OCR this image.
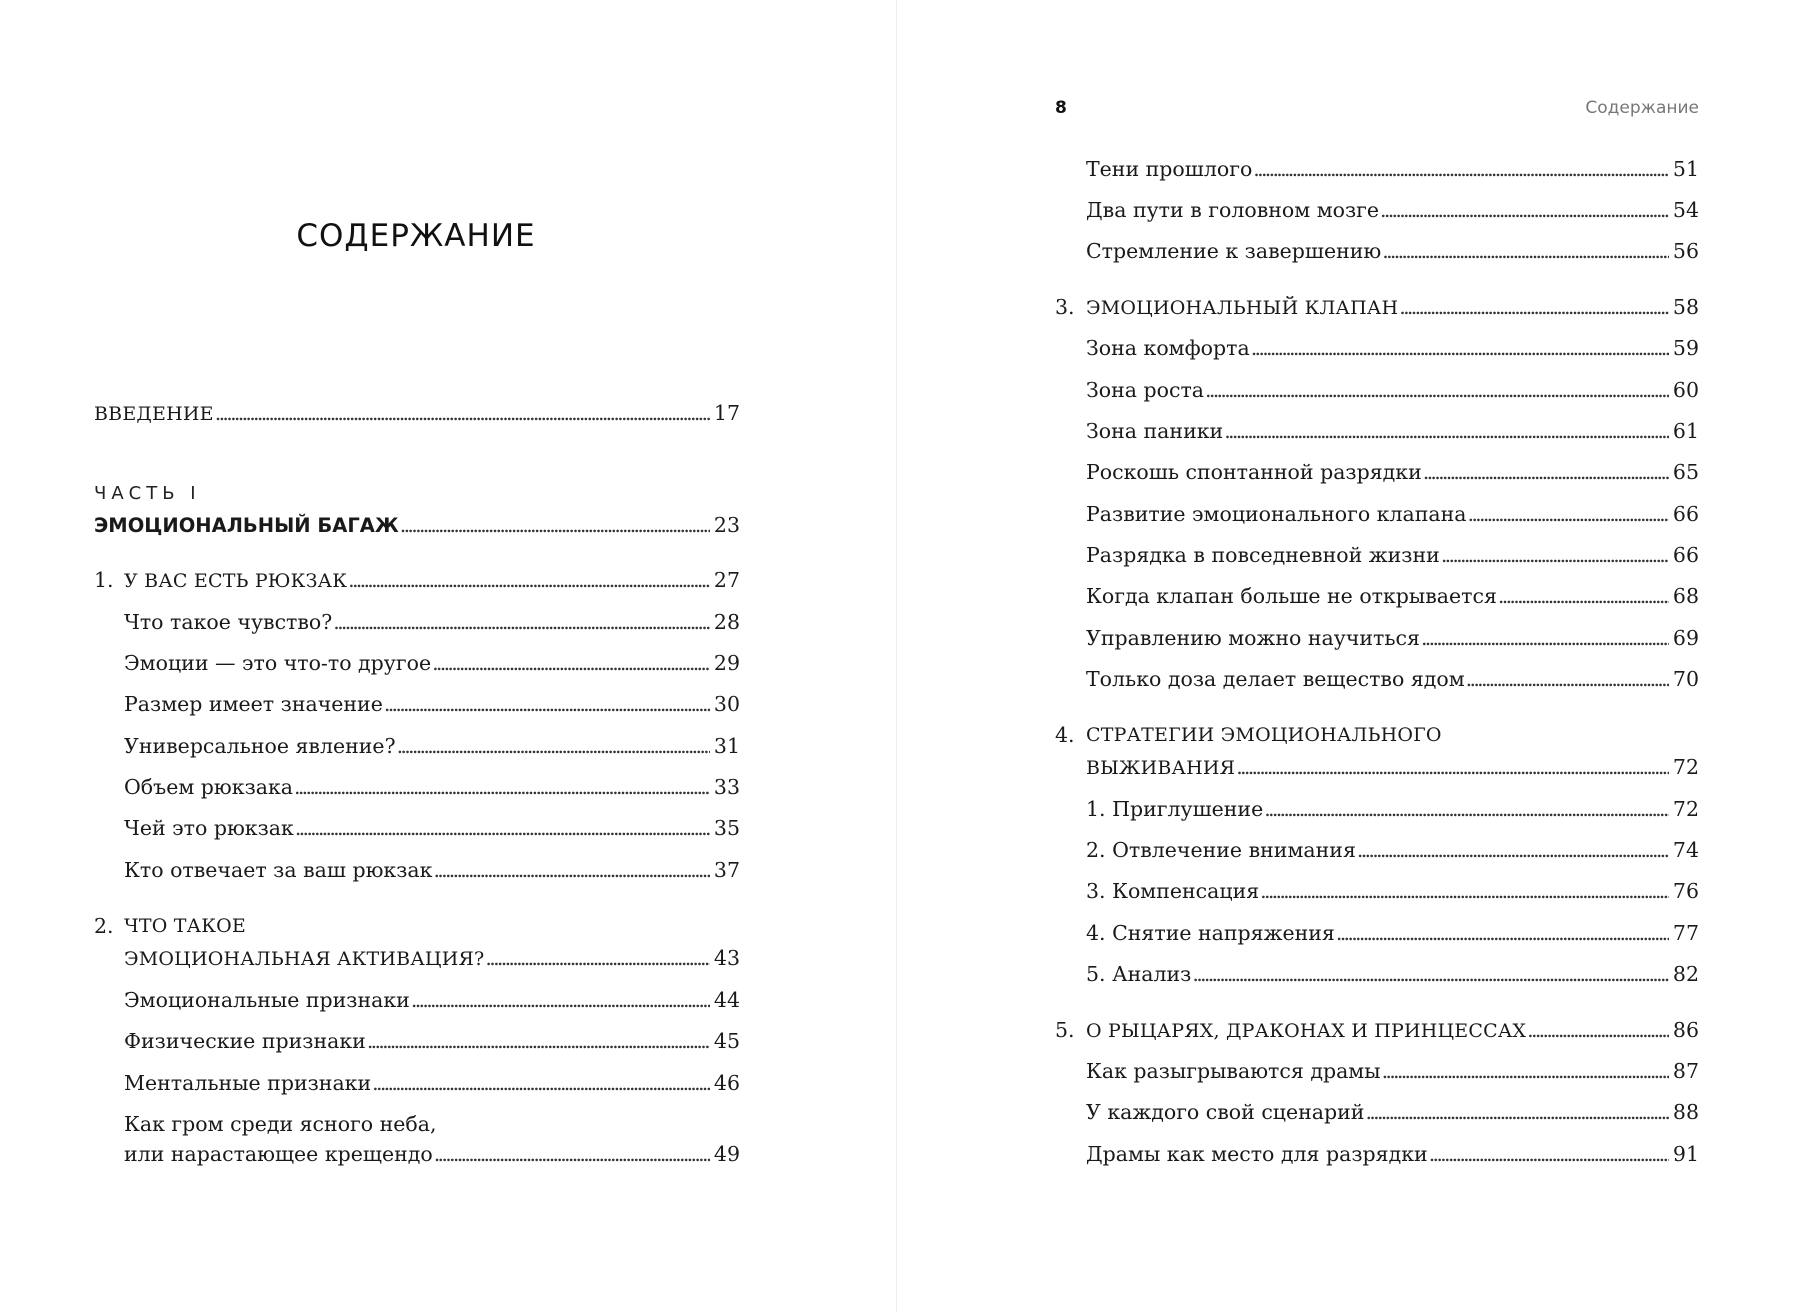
СОДЕРЖАНИЕ
ВВЕДЕНИЕ . . .	17
ЧАСТЬ I
ЭМОЦИОНАЛЬНЫЙ БАГАЖ . . .	23
1. У ВАС ЕСТЬ РЮКЗАК . . .	27
Что такое чувство? . . .	28
Эмоции — это что-то другое . . .	29
Размер имеет значение . . .	30
Универсальное явление? . . .	31
Объем рюкзака . . .	33
Чей это рюкзак . . .	35
Кто отвечает за ваш рюкзак . . .	37
2. ЧТО ТАКОЕ
ЭМОЦИОНАЛЬНАЯ АКТИВАЦИЯ? . . .	43
Эмоциональные признаки . . .	44
Физические признаки . . .	45
Ментальные признаки . . .	46
Как гром среди ясного неба,
или нарастающее крещендо . . .	49
8	Содержание
Тени прошлого . . .	51
Два пути в головном мозге . . .	54
Стремление к завершению . . .	56
3. ЭМОЦИОНАЛЬНЫЙ КЛАПАН . . .	58
Зона комфорта . . .	59
Зона роста . . .	60
Зона паники . . .	61
Роскошь спонтанной разрядки . . .	65
Развитие эмоционального клапана . . .	66
Разрядка в повседневной жизни . . .	66
Когда клапан больше не открывается . . .	68
Управлению можно научиться . . .	69
Только доза делает вещество ядом . . .	70
4. СТРАТЕГИИ ЭМОЦИОНАЛЬНОГО
ВЫЖИВАНИЯ . . .	72
1. Приглушение . . .	72
2. Отвлечение внимания . . .	74
3. Компенсация . . .	76
4. Снятие напряжения . . .	77
5. Анализ . . .	82
5. О РЫЦАРЯХ, ДРАКОНАХ И ПРИНЦЕССАХ . . .	86
Как разыгрываются драмы . . .	87
У каждого свой сценарий . . .	88
Драмы как место для разрядки . . .	91
